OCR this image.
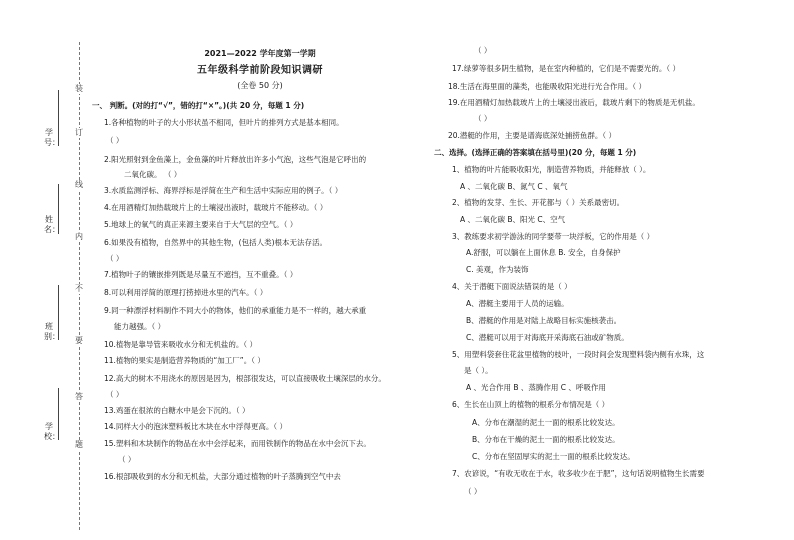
装
订
线
内
不
要
答
题
学号：
姓名：
班别：
学校：
2021—2022 学年度第一学期
五年级科学前阶段知识调研
(全卷 50 分)
一、 判断。(对的打“√”，错的打“×”。)(共 20 分，每题 1 分)
1.各种植物的叶子的大小形状虽不相同，但叶片的排列方式是基本相同。
（ ）
2.阳光照射到金鱼藻上，金鱼藻的叶片释放出许多小气泡，这些气泡是它呼出的
二氧化碳。 （ ）
3.水质监测浮标、海界浮标是浮简在生产和生活中实际应用的例子。（ ）
4.在用酒精灯加热载玻片上的土壤浸出液时，载玻片不能移动。（ ）
5.地球上的氧气的真正来源主要来自于大气层的空气。（ ）
6.如果没有植物，自然界中的其他生物，(包括人类)根本无法存活。
（ ）
7.植物叶子的镶嵌排列既是尽量互不遮挡，互不重叠。（ ）
8.可以利用浮简的原理打捞掉进水里的汽车。（ ）
9.同一种漂浮材料制作不同大小的物体，他们的承重能力是不一样的，越大承重
能力越强。（ ）
10.植物是靠导管来吸收水分和无机盐的。（ ）
11.植物的果实是制造营养物质的“加工厂”。（ ）
12.高大的树木不用浇水的原因是因为，根部很发达，可以直接吸收土壤深层的水分。
（ ）
13.鸡蛋在很浓的白糖水中是会下沉的。（ ）
14.同样大小的泡沫塑料板比木块在水中浮得更高。（ ）
15.塑料和木块制作的物品在水中会浮起来，而用铁制作的物品在水中会沉下去。
（ ）
16.根部吸收到的水分和无机盐，大部分通过植物的叶子蒸腾到空气中去
（ ）
17.绿萝等很多阴生植物，是在室内种植的，它们是不需要光的。（ ）
18.生活在海里面的藻类，也能吸收阳光进行光合作用。（ ）
19.在用酒精灯加热载玻片上的土壤浸出液后，载玻片剩下的物质是无机盐。
（ ）
20.潜艇的作用，主要是谱海底深处捕捞鱼群。（ ）
二、选择。(选择正确的答案填在括号里)(20 分，每题 1 分)
1、植物的叶片能吸收阳光，制造营养物质，并能释放（ ）。
A 、二氧化碳 B、氮气 C 、氧气
2、植物的发芽、生长、开花都与（ ）关系最密切。
A 、二氧化碳 B、阳光 C、空气
3、教练要求初学游泳的同学要带一块浮板，它的作用是（ ）
A.舒服，可以躺在上面休息 B. 安全，自身保护
C. 美观，作为装饰
4、关于潜艇下面说法错误的是（ ）
A、潜艇主要用于人员的运输。
B、潜艇的作用是对陆上战略目标实施核袭击。
C、潜艇可以用于对海底开采海底石油或矿物质。
5、用塑料袋套住花盆里植物的枝叶，一段时间会发现塑料袋内侧有水珠，这
是（ ）。
A 、光合作用 B 、蒸腾作用 C 、呼吸作用
6、生长在山顶上的植物的根系分布情况是（ ）
A、分布在潮湿的泥土一面的根系比较发达。
B、分布在干燥的泥土一面的根系比较发达。
C、分布在坚固厚实的泥土一面的根系比较发达。
7、农谚说，“有收无收在于水，收多收少在于肥”，这句话说明植物生长需要
（ ）
